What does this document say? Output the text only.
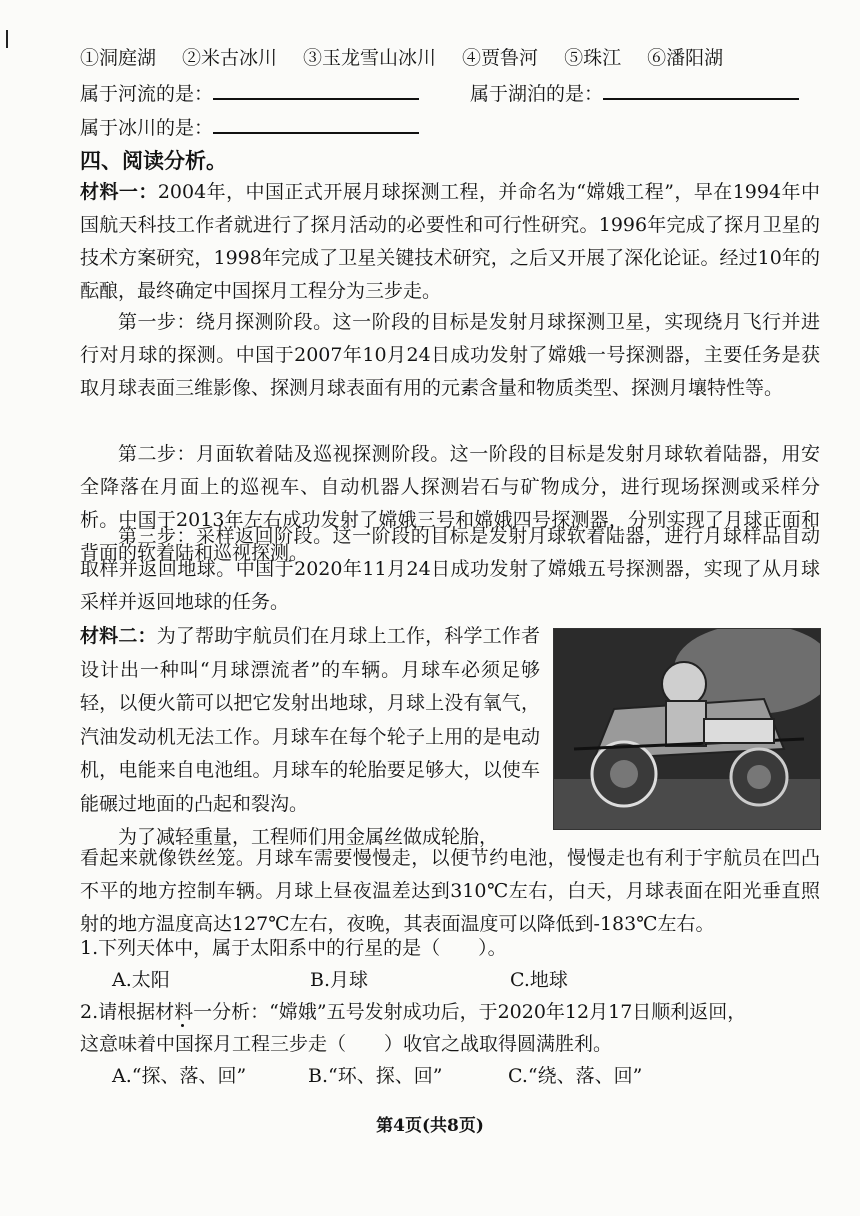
①洞庭湖 ②米古冰川 ③玉龙雪山冰川 ④贾鲁河 ⑤珠江 ⑥潘阳湖
属于河流的是：	属于湖泊的是：
属于冰川的是：
四、阅读分析。
材料一：2004年，中国正式开展月球探测工程，并命名为“嫦娥工程”，早在1994年中国航天科技工作者就进行了探月活动的必要性和可行性研究。1996年完成了探月卫星的技术方案研究，1998年完成了卫星关键技术研究，之后又开展了深化论证。经过10年的酝酿，最终确定中国探月工程分为三步走。
第一步：绕月探测阶段。这一阶段的目标是发射月球探测卫星，实现绕月飞行并进行对月球的探测。中国于2007年10月24日成功发射了嫦娥一号探测器，主要任务是获取月球表面三维影像、探测月球表面有用的元素含量和物质类型、探测月壤特性等。
第二步：月面软着陆及巡视探测阶段。这一阶段的目标是发射月球软着陆器，用安全降落在月面上的巡视车、自动机器人探测岩石与矿物成分，进行现场探测或采样分析。中国于2013年左右成功发射了嫦娥三号和嫦娥四号探测器，分别实现了月球正面和背面的软着陆和巡视探测。
第三步：采样返回阶段。这一阶段的目标是发射月球软着陆器，进行月球样品自动取样并返回地球。中国于2020年11月24日成功发射了嫦娥五号探测器，实现了从月球采样并返回地球的任务。
材料二：为了帮助宇航员们在月球上工作，科学工作者设计出一种叫“月球漂流者”的车辆。月球车必须足够轻，以便火箭可以把它发射出地球，月球上没有氧气，汽油发动机无法工作。月球车在每个轮子上用的是电动机，电能来自电池组。月球车的轮胎要足够大，以使车能碾过地面的凸起和裂沟。
为了减轻重量，工程师们用金属丝做成轮胎，
看起来就像铁丝笼。月球车需要慢慢走，以便节约电池，慢慢走也有利于宇航员在凹凸不平的地方控制车辆。月球上昼夜温差达到310℃左右，白天，月球表面在阳光垂直照射的地方温度高达127℃左右，夜晚，其表面温度可以降低到-183℃左右。
1.下列天体中，属于太阳系中的行星的是（　　）。
A.太阳	B.月球	C.地球
2.请根据材料一分析：“嫦娥”五号发射成功后，于2020年12月17日顺利返回，
这意味着中国探月工程三步走（　　）收官之战取得圆满胜利。
A.“探、落、回”	B.“环、探、回”	C.“绕、落、回”
第4页(共8页)
